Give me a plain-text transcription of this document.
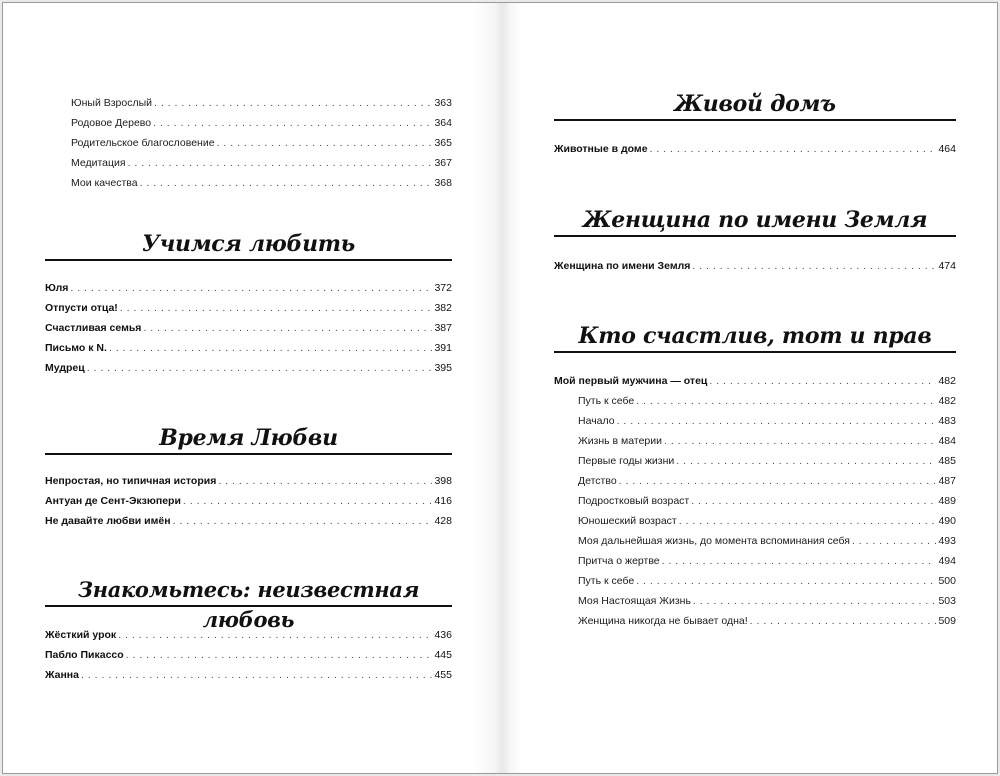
Юный Взрослый . . .	363
Родовое Дерево . . .	364
Родительское благословение . . .	365
Медитация . . .	367
Мои качества . . .	368
Учимся любить
Юля . . .	372
Отпусти отца! . . .	382
Счастливая семья . . .	387
Письмо к N. . . .	391
Мудрец . . .	395
Время Любви
Непростая, но типичная история . . .	398
Антуан де Сент-Экзюпери . . .	416
Не давайте любви имён . . .	428
Знакомьтесь: неизвестная любовь
Жёсткий урок . . .	436
Пабло Пикассо . . .	445
Жанна . . .	455
Живой домъ
Животные в доме . . .	464
Женщина по имени Земля
Женщина по имени Земля . . .	474
Кто счастлив, тот и прав
Мой первый мужчина — отец . . .	482
Путь к себе . . .	482
Начало . . .	483
Жизнь в материи . . .	484
Первые годы жизни . . .	485
Детство . . .	487
Подростковый возраст . . .	489
Юношеский возраст . . .	490
Моя дальнейшая жизнь, до момента вспоминания себя . . .	493
Притча о жертве . . .	494
Путь к себе . . .	500
Моя Настоящая Жизнь . . .	503
Женщина никогда не бывает одна! . . .	509
